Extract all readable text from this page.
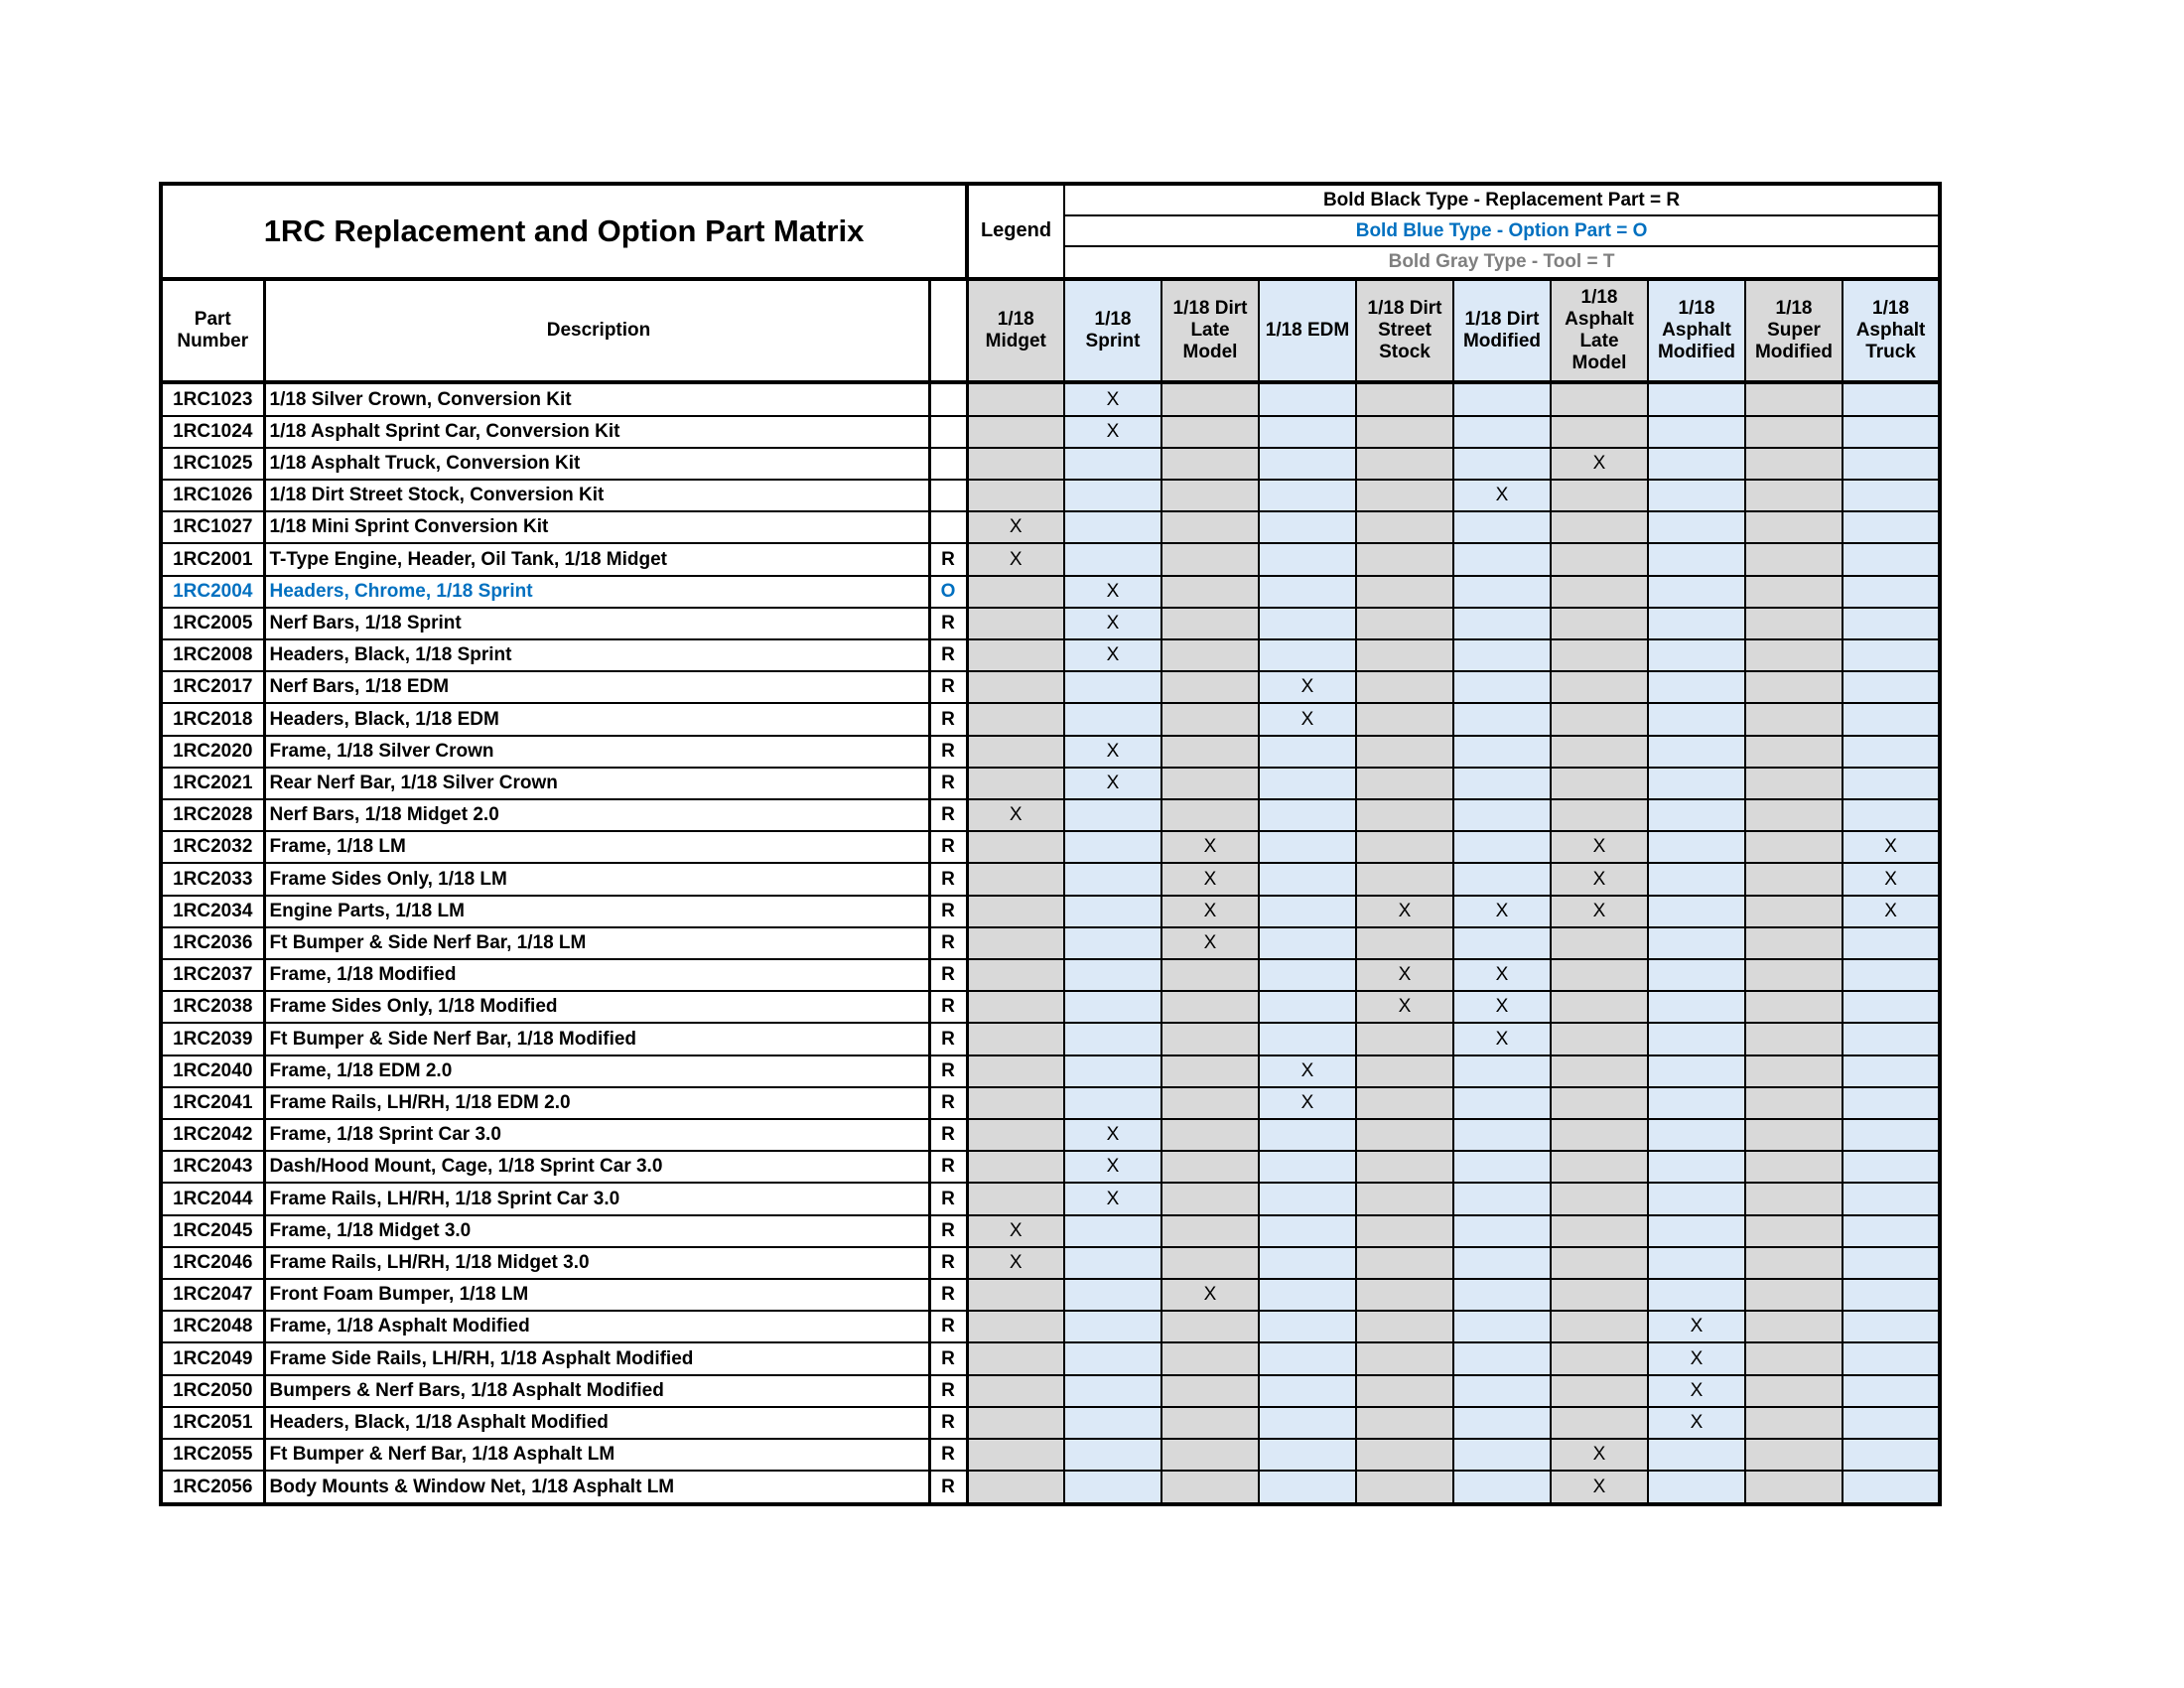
1RC Replacement and Option Part Matrix			Legend	Bold Black Type - Replacement Part = R								
				Bold Blue Type - Option Part = O								
				Bold Gray Type - Tool = T								
Part Number	Description		1/18 Midget	1/18 Sprint	1/18 Dirt Late Model	1/18 EDM	1/18 Dirt Street Stock	1/18 Dirt Modified	1/18 Asphalt Late Model	1/18 Asphalt Modified	1/18 Super Modified	1/18 Asphalt Truck
1RC1023	1/18 Silver Crown, Conversion Kit			X								
1RC1024	1/18 Asphalt Sprint Car, Conversion Kit			X								
1RC1025	1/18 Asphalt Truck, Conversion Kit								X			
1RC1026	1/18 Dirt Street Stock, Conversion Kit							X				
1RC1027	1/18 Mini Sprint Conversion Kit		X									
1RC2001	T-Type Engine, Header, Oil Tank, 1/18 Midget	R	X									
1RC2004	Headers, Chrome, 1/18 Sprint	O		X								
1RC2005	Nerf Bars, 1/18 Sprint	R		X								
1RC2008	Headers, Black, 1/18 Sprint	R		X								
1RC2017	Nerf Bars, 1/18 EDM	R				X						
1RC2018	Headers, Black, 1/18 EDM	R				X						
1RC2020	Frame, 1/18 Silver Crown	R		X								
1RC2021	Rear Nerf Bar, 1/18 Silver Crown	R		X								
1RC2028	Nerf Bars, 1/18 Midget 2.0	R	X									
1RC2032	Frame, 1/18 LM	R			X				X			X
1RC2033	Frame Sides Only, 1/18 LM	R			X				X			X
1RC2034	Engine Parts, 1/18 LM	R			X		X	X	X			X
1RC2036	Ft Bumper & Side Nerf Bar, 1/18 LM	R			X							
1RC2037	Frame, 1/18 Modified	R					X	X				
1RC2038	Frame Sides Only, 1/18 Modified	R					X	X				
1RC2039	Ft Bumper & Side Nerf Bar, 1/18 Modified	R						X				
1RC2040	Frame, 1/18 EDM 2.0	R				X						
1RC2041	Frame Rails, LH/RH, 1/18 EDM 2.0	R				X						
1RC2042	Frame, 1/18 Sprint Car 3.0	R		X								
1RC2043	Dash/Hood Mount, Cage, 1/18 Sprint Car 3.0	R		X								
1RC2044	Frame Rails, LH/RH, 1/18 Sprint Car 3.0	R		X								
1RC2045	Frame, 1/18 Midget 3.0	R	X									
1RC2046	Frame Rails, LH/RH, 1/18 Midget 3.0	R	X									
1RC2047	Front Foam Bumper, 1/18 LM	R			X							
1RC2048	Frame, 1/18 Asphalt Modified	R								X		
1RC2049	Frame Side Rails, LH/RH, 1/18 Asphalt Modified	R								X		
1RC2050	Bumpers & Nerf Bars, 1/18 Asphalt Modified	R								X		
1RC2051	Headers, Black, 1/18 Asphalt Modified	R								X		
1RC2055	Ft Bumper & Nerf Bar, 1/18 Asphalt LM	R							X			
1RC2056	Body Mounts & Window Net, 1/18 Asphalt LM	R							X			
